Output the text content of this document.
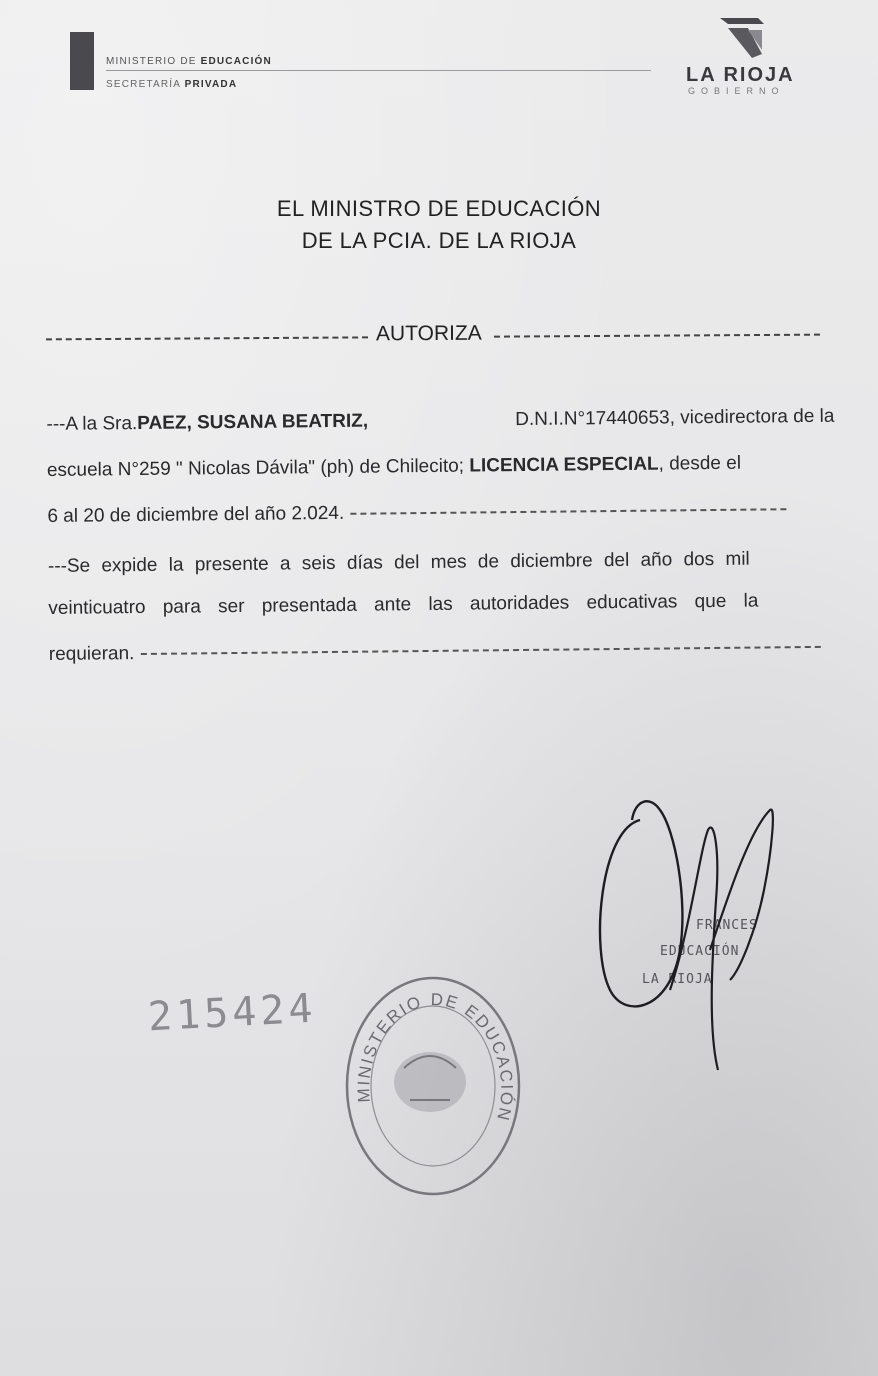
MINISTERIO DE EDUCACIÓN
SECRETARÍA PRIVADA	LA RIOJA
GOBIERNO
EL MINISTRO DE EDUCACIÓN
DE LA PCIA. DE LA RIOJA
AUTORIZA
---A la Sra.PAEZ, SUSANA BEATRIZ,	D.N.I.N°17440653, vicedirectora de la
escuela N°259 " Nicolas Dávila" (ph) de Chilecito; LICENCIA ESPECIAL, desde el
6 al 20 de diciembre del año 2.024.
---Se expide la presente a seis días del mes de diciembre del año dos mil
veinticuatro para ser presentada ante las autoridades educativas que la
requieran.
215424
MINISTERIO DE EDUCACIÓN
FRANCES
EDUCACIÓN
LA RIOJA
